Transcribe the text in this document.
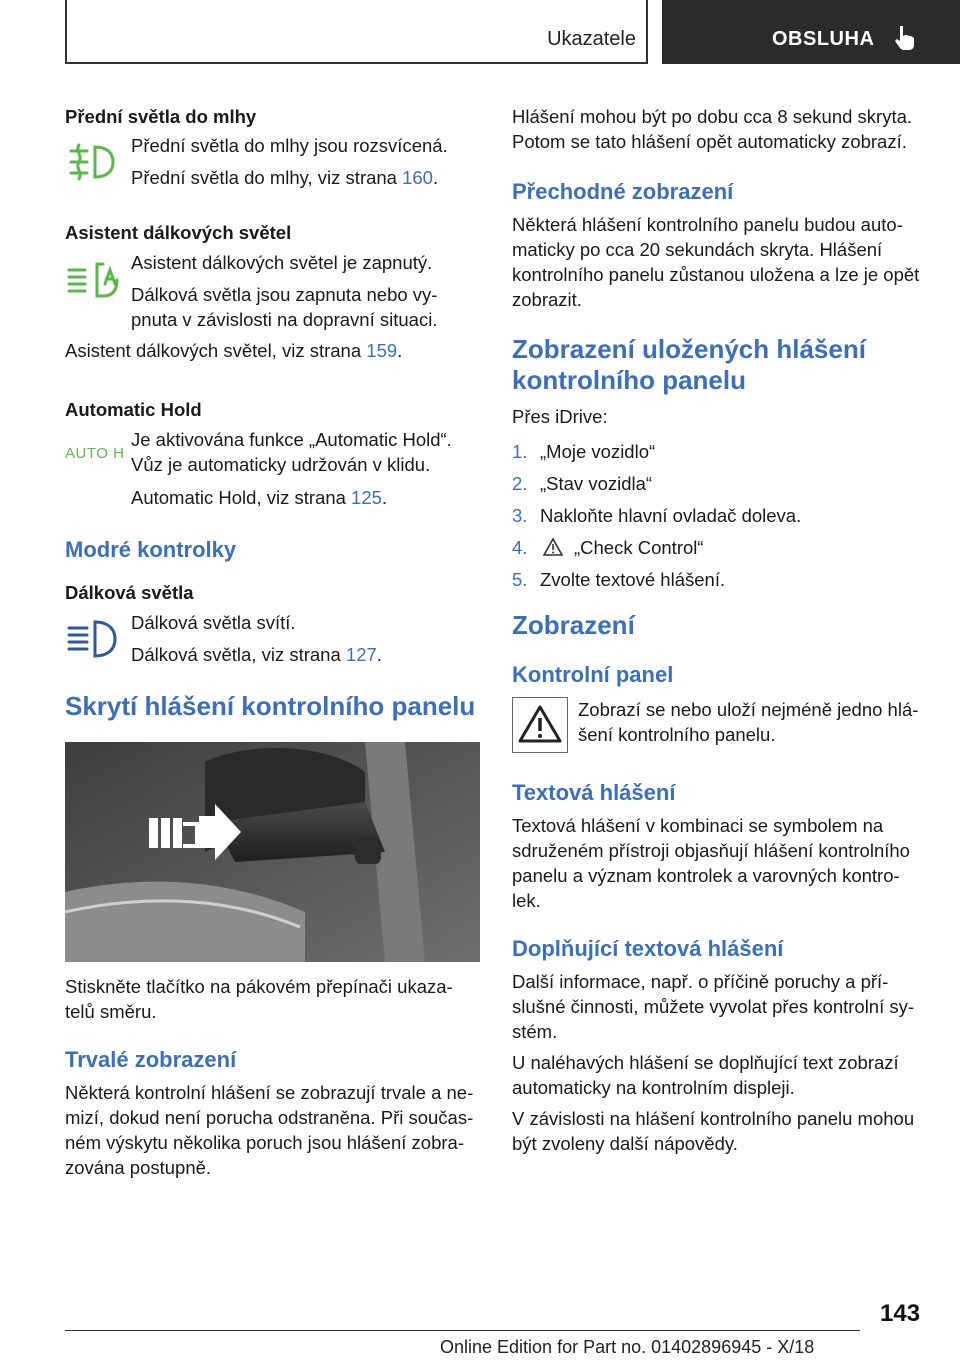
Ukazatele	OBSLUHA
Přední světla do mlhy

Přední světla do mlhy jsou rozsvícená.

Přední světla do mlhy, viz strana 160.

Asistent dálkových světel

Asistent dálkových světel je zapnutý.

Dálková světla jsou zapnuta nebo vy-pnuta v závislosti na dopravní situaci.

Asistent dálkových světel, viz strana 159.

Automatic Hold
AUTO H

Je aktivována funkce „Automatic Hold“. Vůz je automaticky udržován v klidu.

Automatic Hold, viz strana 125.

Modré kontrolky
Dálková světla

Dálková světla svítí.

Dálková světla, viz strana 127.

Skrytí hlášení kontrolního panelu

Stiskněte tlačítko na pákovém přepínači ukaza-telů směru.

Trvalé zobrazení

Některá kontrolní hlášení se zobrazují trvale a ne-mizí, dokud není porucha odstraněna. Při součas-ném výskytu několika poruch jsou hlášení zobra-zována postupně.

Hlášení mohou být po dobu cca 8 sekund skryta. Potom se tato hlášení opět automaticky zobrazí.

Přechodné zobrazení

Některá hlášení kontrolního panelu budou auto-maticky po cca 20 sekundách skryta. Hlášení kontrolního panelu zůstanou uložena a lze je opět zobrazit.

Zobrazení uložených hlášení kontrolního panelu

Přes iDrive:

1. „Moje vozidlo“
2. „Stav vozidla“
3. Nakloňte hlavní ovladač doleva.
4.	„Check Control“
5. Zvolte textové hlášení.
Zobrazení
Kontrolní panel

Zobrazí se nebo uloží nejméně jedno hlá-šení kontrolního panelu.

Textová hlášení

Textová hlášení v kombinaci se symbolem na sdruženém přístroji objasňují hlášení kontrolního panelu a význam kontrolek a varovných kontro-lek.

Doplňující textová hlášení

Další informace, např. o příčině poruchy a pří-slušné činnosti, můžete vyvolat přes kontrolní sy-stém.

U naléhavých hlášení se doplňující text zobrazí automaticky na kontrolním displeji.

V závislosti na hlášení kontrolního panelu mohou být zvoleny další nápovědy.

143
Online Edition for Part no. 01402896945 - X/18
